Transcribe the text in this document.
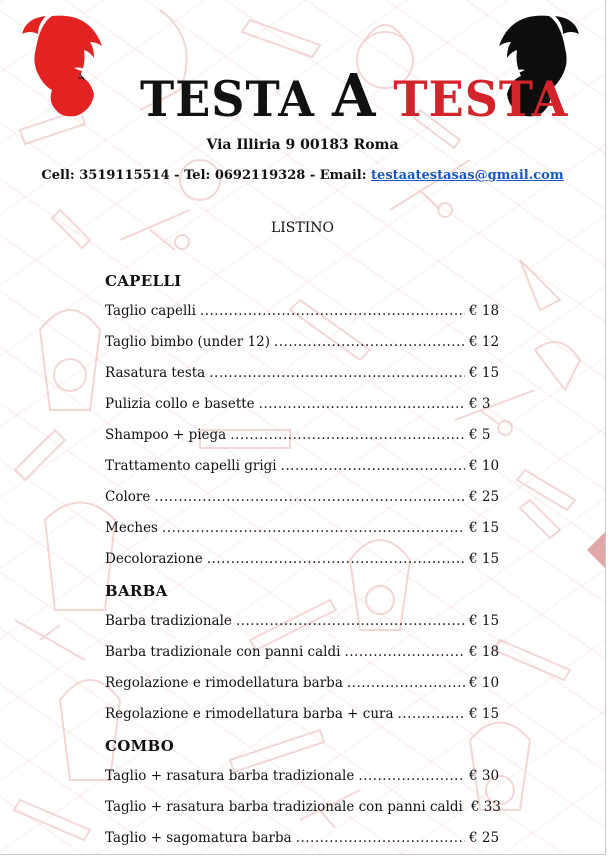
TESTA A TESTA
Via Illiria 9 00183 Roma
Cell: 3519115514 - Tel: 0692119328 - Email: testaatestasas@gmail.com
LISTINO
CAPELLI
Taglio capelli .....	€ 18
Taglio bimbo (under 12) .....	€ 12
Rasatura testa .....	€ 15
Pulizia collo e basette .....	€ 3
Shampoo + piega .....	€ 5
Trattamento capelli grigi .....	€ 10
Colore .....	€ 25
Meches .....	€ 15
Decolorazione .....	€ 15
BARBA
Barba tradizionale .....	€ 15
Barba tradizionale con panni caldi .....	€ 18
Regolazione e rimodellatura barba .....	€ 10
Regolazione e rimodellatura barba + cura .....	€ 15
COMBO
Taglio + rasatura barba tradizionale .....	€ 30
Taglio + rasatura barba tradizionale con panni caldi € 33
Taglio + sagomatura barba .....	€ 25
